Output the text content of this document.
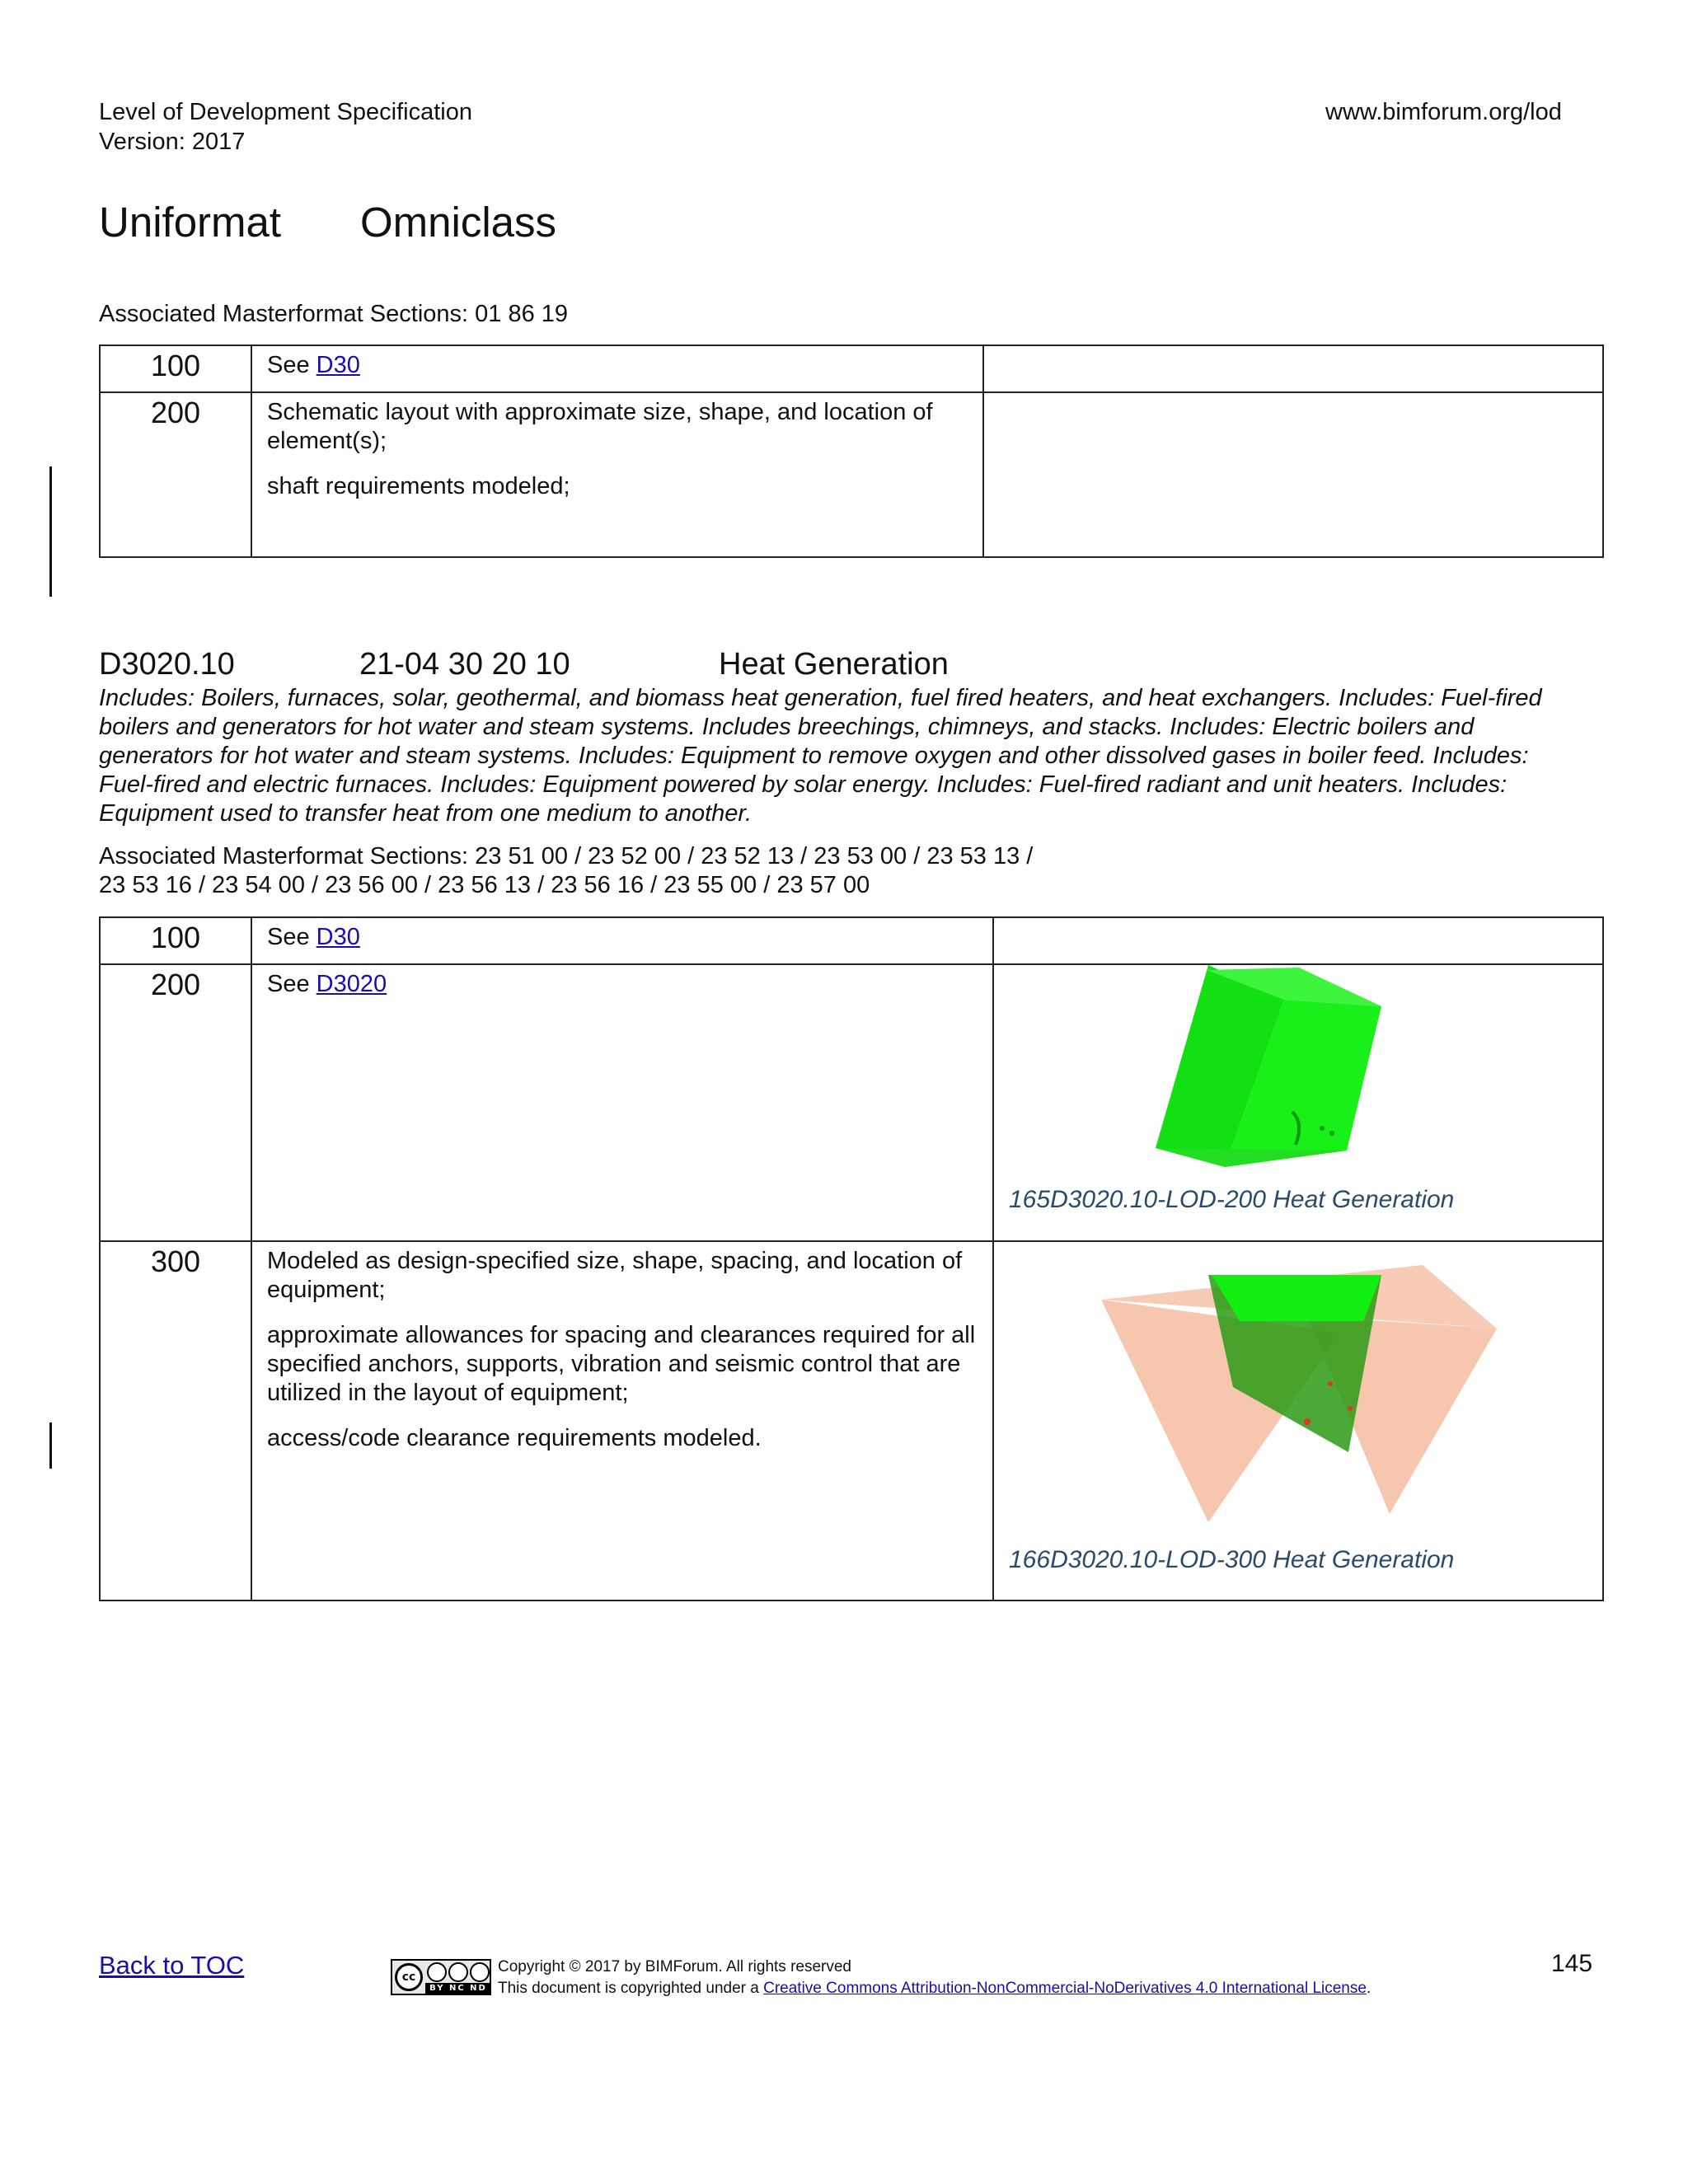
Level of Development Specification
Version: 2017
www.bimforum.org/lod
Uniformat Omniclass
Associated Masterformat Sections: 01 86 19
100	See D30	
200	Schematic layout with approximate size, shape, and location of element(s);

shaft requirements modeled;	

D3020.10	21-04 30 20 10	Heat Generation
Includes: Boilers, furnaces, solar, geothermal, and biomass heat generation, fuel fired heaters, and heat exchangers. Includes: Fuel-fired boilers and generators for hot water and steam systems. Includes breechings, chimneys, and stacks. Includes: Electric boilers and generators for hot water and steam systems. Includes: Equipment to remove oxygen and other dissolved gases in boiler feed. Includes: Fuel-fired and electric furnaces. Includes: Equipment powered by solar energy. Includes: Fuel-fired radiant and unit heaters. Includes: Equipment used to transfer heat from one medium to another.
Associated Masterformat Sections: 23 51 00 / 23 52 00 / 23 52 13 / 23 53 00 / 23 53 13 /
23 53 16 / 23 54 00 / 23 56 00 / 23 56 13 / 23 56 16 / 23 55 00 / 23 57 00
100	See D30	
200	See D3020	165D3020.10-LOD-200 Heat Generation

300	Modeled as design-specified size, shape, spacing, and location of equipment;

approximate allowances for spacing and clearances required for all specified anchors, supports, vibration and seismic control that are utilized in the layout of equipment;

access/code clearance requirements modeled.	166D3020.10-LOD-300 Heat Generation
Back to TOC	cc
BY NC ND
Copyright © 2017 by BIMForum. All rights reserved
This document is copyrighted under a Creative Commons Attribution-NonCommercial-NoDerivatives 4.0 International License.
145
